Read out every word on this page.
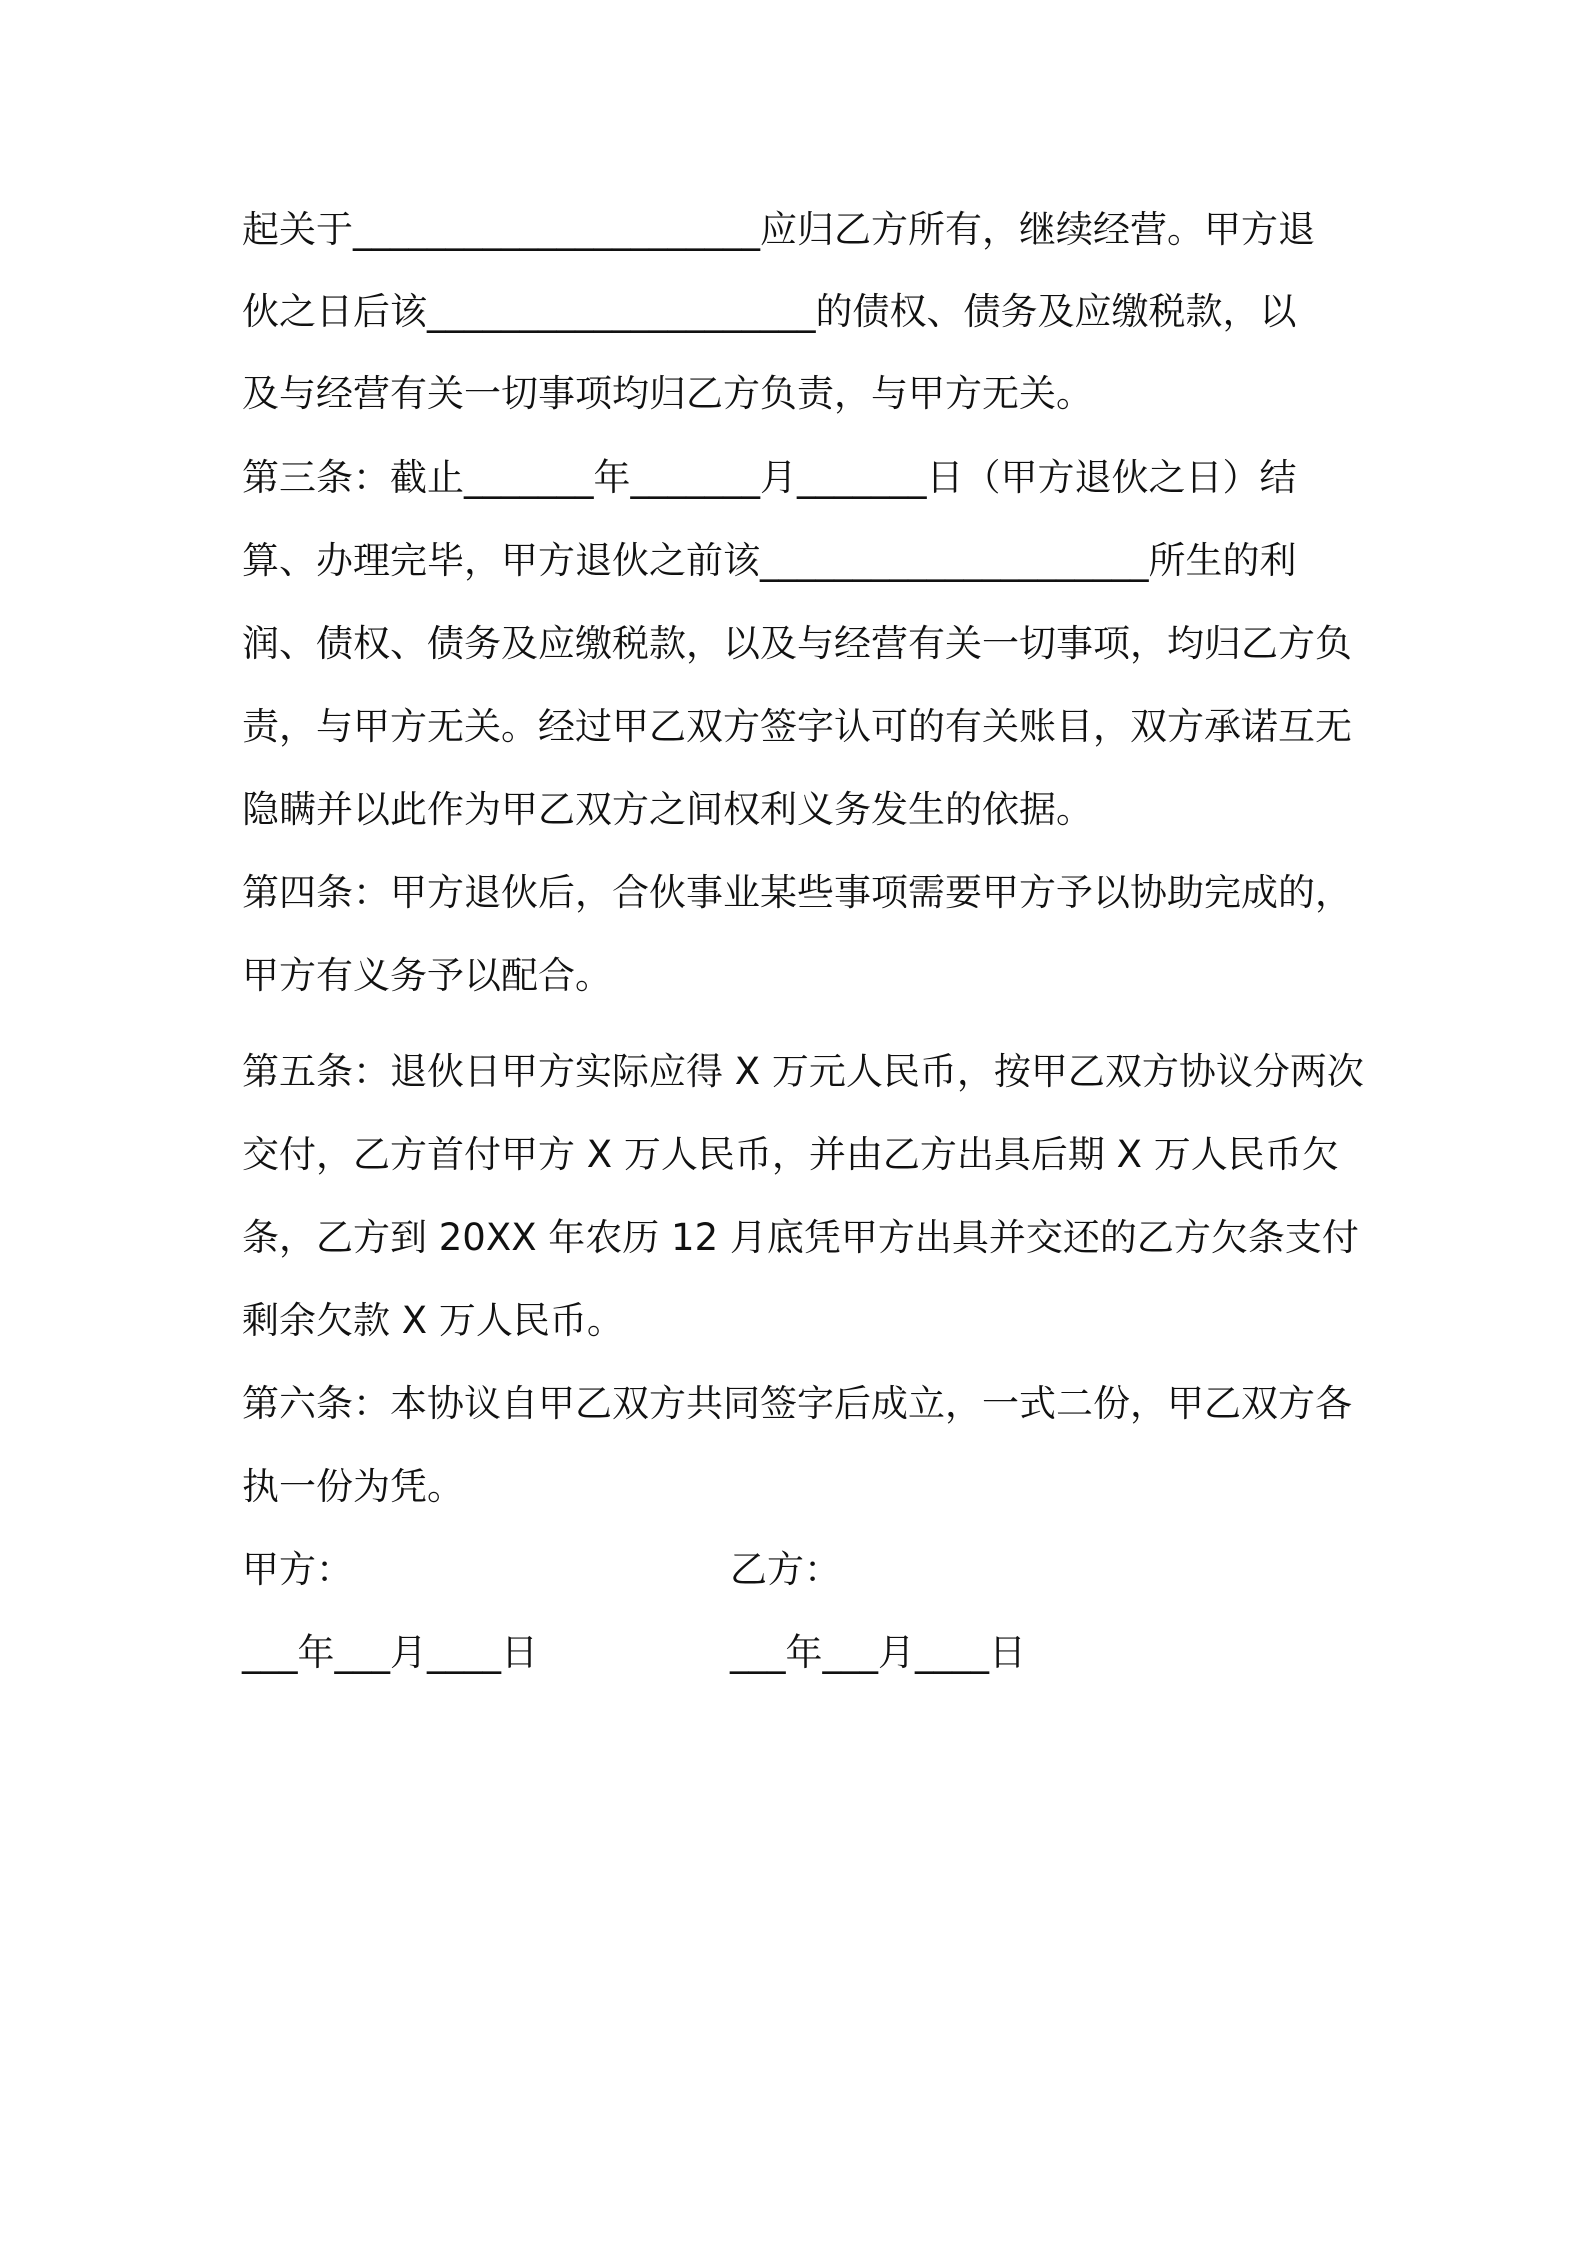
起关于______________________应归乙方所有，继续经营。甲方退
伙之日后该_____________________的债权、债务及应缴税款，以
及与经营有关一切事项均归乙方负责，与甲方无关。
第三条：截止_______年_______月_______日（甲方退伙之日）结
算、办理完毕，甲方退伙之前该_____________________所生的利
润、债权、债务及应缴税款，以及与经营有关一切事项，均归乙方负
责，与甲方无关。经过甲乙双方签字认可的有关账目，双方承诺互无
隐瞒并以此作为甲乙双方之间权利义务发生的依据。
第四条：甲方退伙后，合伙事业某些事项需要甲方予以协助完成的，
甲方有义务予以配合。
第五条：退伙日甲方实际应得 X 万元人民币，按甲乙双方协议分两次
交付，乙方首付甲方 X 万人民币，并由乙方出具后期 X 万人民币欠
条，乙方到 20XX 年农历 12 月底凭甲方出具并交还的乙方欠条支付
剩余欠款 X 万人民币。
第六条：本协议自甲乙双方共同签字后成立，一式二份，甲乙双方各
执一份为凭。
甲方：	乙方：
___年___月____日	___年___月____日
